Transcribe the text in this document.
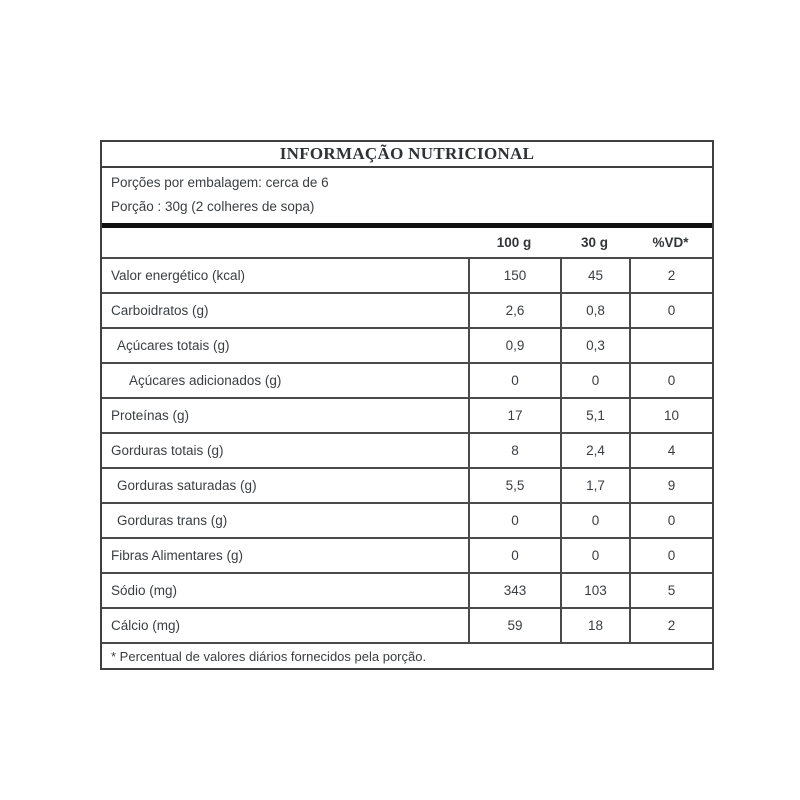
INFORMAÇÃO NUTRICIONAL
Porções por embalagem: cerca de 6
Porção : 30g (2 colheres de sopa)
100 g	30 g	%VD*
Valor energético (kcal)	150	45	2
Carboidratos (g)	2,6	0,8	0
Açúcares totais (g)	0,9	0,3
Açúcares adicionados (g)	0	0	0
Proteínas (g)	17	5,1	10
Gorduras totais (g)	8	2,4	4
Gorduras saturadas (g)	5,5	1,7	9
Gorduras trans (g)	0	0	0
Fibras Alimentares (g)	0	0	0
Sódio (mg)	343	103	5
Cálcio (mg)	59	18	2
* Percentual de valores diários fornecidos pela porção.
